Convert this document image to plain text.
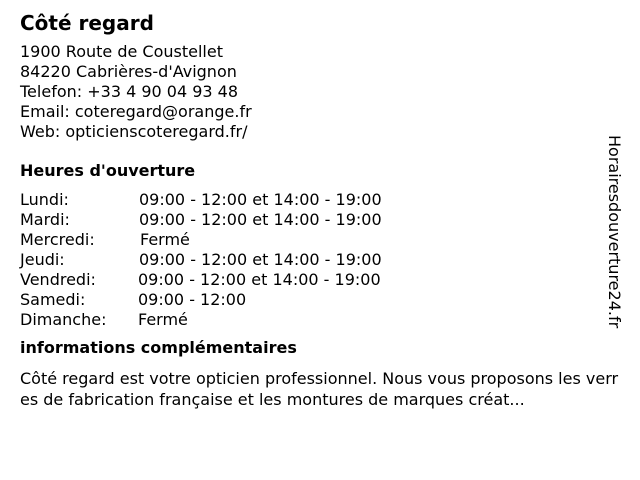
Côté regard
1900 Route de Coustellet
84220 Cabrières-d'Avignon
Telefon: +33 4 90 04 93 48
Email: coteregard@orange.fr
Web: opticienscoteregard.fr/
Heures d'ouverture
Lundi:	09:00 - 12:00 et 14:00 - 19:00
Mardi:	09:00 - 12:00 et 14:00 - 19:00
Mercredi:	Fermé
Jeudi:	09:00 - 12:00 et 14:00 - 19:00
Vendredi:	09:00 - 12:00 et 14:00 - 19:00
Samedi:	09:00 - 12:00
Dimanche: Fermé
informations complémentaires
Côté regard est votre opticien professionnel. Nous vous proposons les verres de fabrication française et les montures de marques créat...
Horairesdouverture24.fr
